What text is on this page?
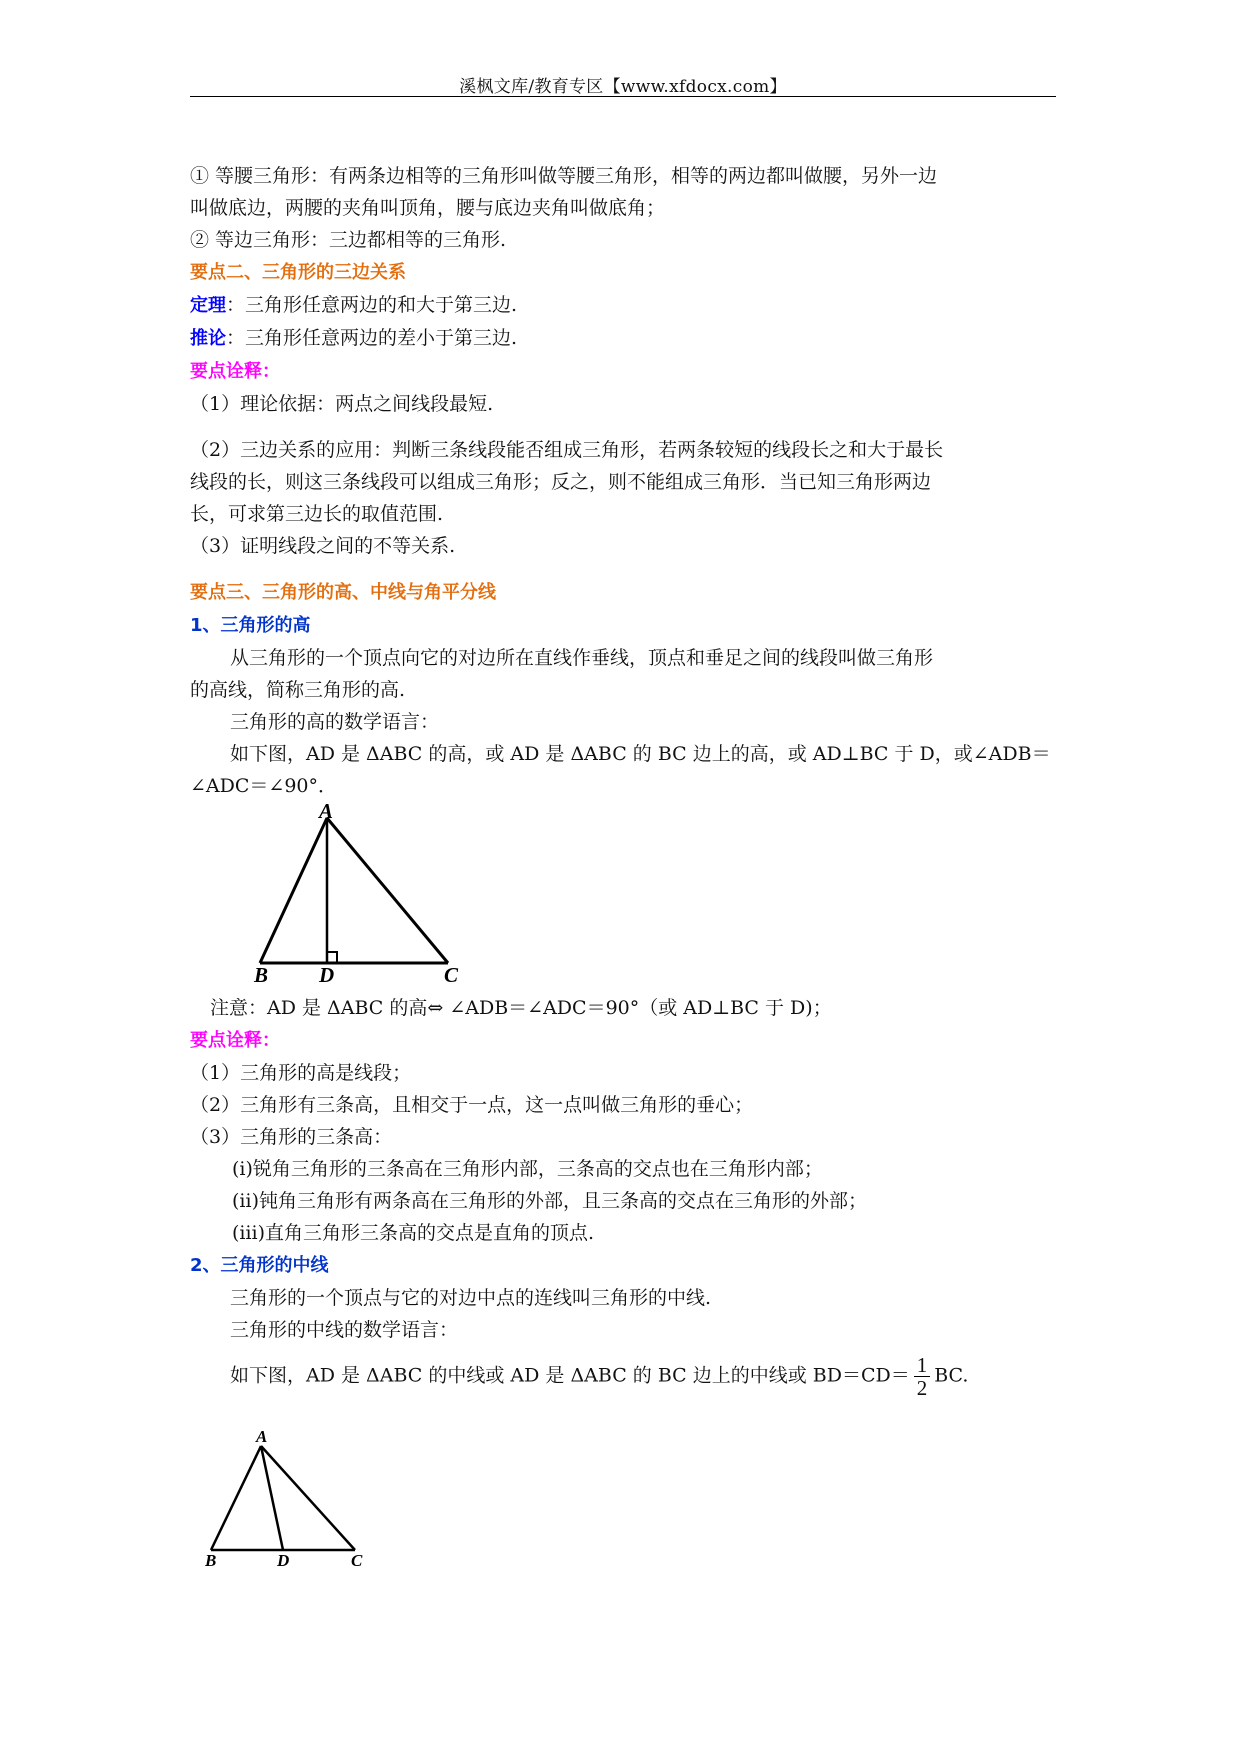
溪枫文库/教育专区【www.xfdocx.com】

① 等腰三角形：有两条边相等的三角形叫做等腰三角形，相等的两边都叫做腰，另外一边

叫做底边，两腰的夹角叫顶角，腰与底边夹角叫做底角；

② 等边三角形：三边都相等的三角形.

要点二、三角形的三边关系

定理：三角形任意两边的和大于第三边.

推论：三角形任意两边的差小于第三边.

要点诠释：

（1）理论依据：两点之间线段最短.

（2）三边关系的应用：判断三条线段能否组成三角形，若两条较短的线段长之和大于最长

线段的长，则这三条线段可以组成三角形；反之，则不能组成三角形．当已知三角形两边

长，可求第三边长的取值范围.

（3）证明线段之间的不等关系.

要点三、三角形的高、中线与角平分线

1、三角形的高

从三角形的一个顶点向它的对边所在直线作垂线，顶点和垂足之间的线段叫做三角形

的高线，简称三角形的高.

三角形的高的数学语言：

如下图，AD 是 ΔABC 的高，或 AD 是 ΔABC 的 BC 边上的高，或 AD⊥BC 于 D，或∠ADB＝

∠ADC＝∠90°．

注意：AD 是 ΔABC 的高⇔ ∠ADB＝∠ADC＝90°（或 AD⊥BC 于 D)；

要点诠释：

（1）三角形的高是线段；

（2）三角形有三条高，且相交于一点，这一点叫做三角形的垂心；

（3）三角形的三条高：

(ⅰ)锐角三角形的三条高在三角形内部，三条高的交点也在三角形内部；

(ⅱ)钝角三角形有两条高在三角形的外部，且三条高的交点在三角形的外部；

(ⅲ)直角三角形三条高的交点是直角的顶点.

2、三角形的中线

三角形的一个顶点与它的对边中点的连线叫三角形的中线.

三角形的中线的数学语言：

如下图，AD 是 ΔABC 的中线或 AD 是 ΔABC 的 BC 边上的中线或 $BD=CD= \frac{1}{2}$ BC.

A
B D	C
A
B	D	C
